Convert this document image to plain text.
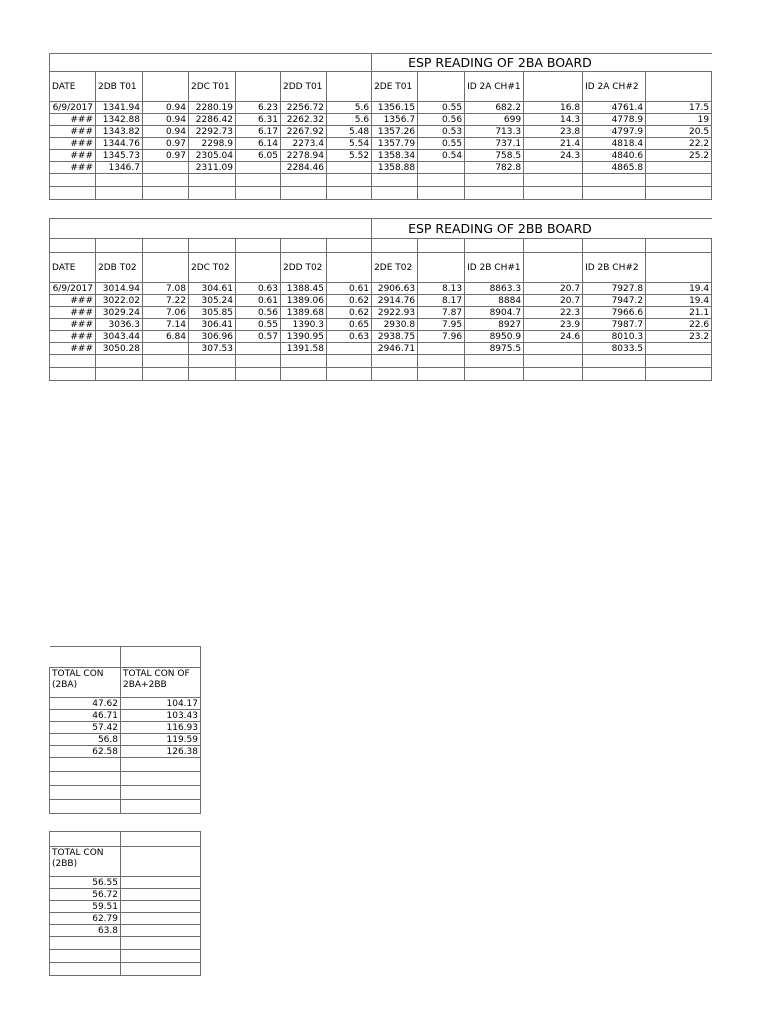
							ESP READING OF 2BA BOARD					
DATE	2DB T01		2DC T01		2DD T01		2DE T01		ID 2A CH#1		ID 2A CH#2	
6/9/2017	1341.94	0.94	2280.19	6.23	2256.72	5.6	1356.15	0.55	682.2	16.8	4761.4	17.5
###	1342.88	0.94	2286.42	6.31	2262.32	5.6	1356.7	0.56	699	14.3	4778.9	19
###	1343.82	0.94	2292.73	6.17	2267.92	5.48	1357.26	0.53	713.3	23.8	4797.9	20.5
###	1344.76	0.97	2298.9	6.14	2273.4	5.54	1357.79	0.55	737.1	21.4	4818.4	22.2
###	1345.73	0.97	2305.04	6.05	2278.94	5.52	1358.34	0.54	758.5	24.3	4840.6	25.2
###	1346.7		2311.09		2284.46		1358.88		782.8		4865.8	

							ESP READING OF 2BB BOARD					

DATE	2DB T02		2DC T02		2DD T02		2DE T02		ID 2B CH#1		ID 2B CH#2	
6/9/2017	3014.94	7.08	304.61	0.63	1388.45	0.61	2906.63	8.13	8863.3	20.7	7927.8	19.4
###	3022.02	7.22	305.24	0.61	1389.06	0.62	2914.76	8.17	8884	20.7	7947.2	19.4
###	3029.24	7.06	305.85	0.56	1389.68	0.62	2922.93	7.87	8904.7	22.3	7966.6	21.1
###	3036.3	7.14	306.41	0.55	1390.3	0.65	2930.8	7.95	8927	23.9	7987.7	22.6
###	3043.44	6.84	306.96	0.57	1390.95	0.63	2938.75	7.96	8950.9	24.6	8010.3	23.2
###	3050.28		307.53		1391.58		2946.71		8975.5		8033.5	

TOTAL CON (2BA)	TOTAL CON OF 2BA+2BB
47.62	104.17
46.71	103.43
57.42	116.93
56.8	119.59
62.58	126.38

TOTAL CON (2BB)	
56.55	
56.72	
59.51	
62.79	
63.8	
